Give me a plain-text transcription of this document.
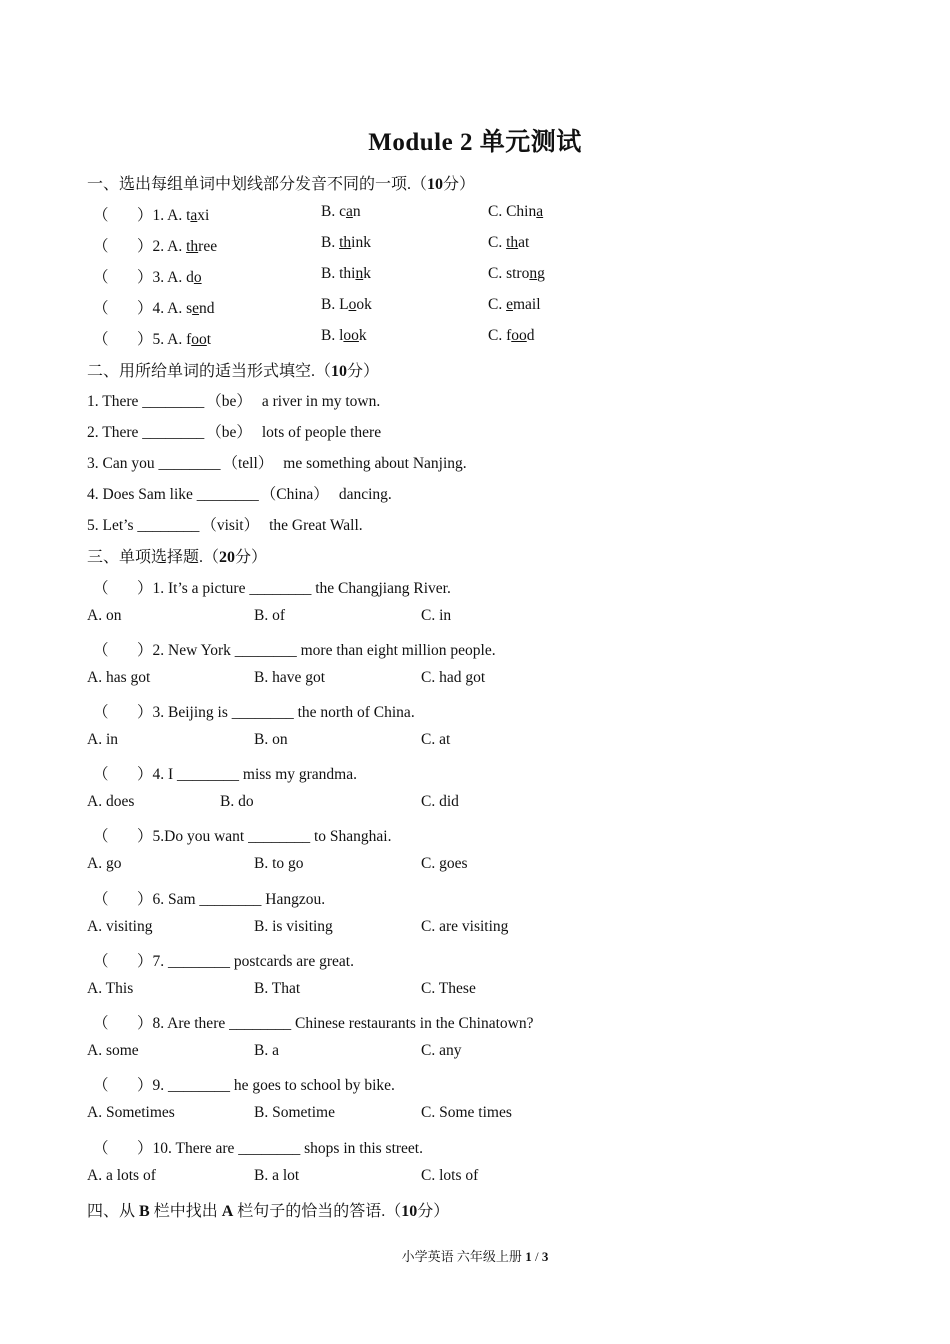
Module 2 单元测试
一、选出每组单词中划线部分发音不同的一项.（10分）
（ ）1. A. taxi	B. can	C. China
（ ）2. A. three	B. think	C. that
（ ）3. A. do	B. think	C. strong
（ ）4. A. send	B. Look	C. email
（ ）5. A. foot	B. look	C. food
二、用所给单词的适当形式填空.（10分）
1. There ________ （be） a river in my town.
2. There ________ （be） lots of people there
3. Can you ________ （tell） me something about Nanjing.
4. Does Sam like ________ （China） dancing.
5. Let’s ________ （visit） the Great Wall.
三、单项选择题.（20分）
（ ）1. It’s a picture ________ the Changjiang River.
A. on	B. of	C. in
（ ）2. New York ________ more than eight million people.
A. has got	B. have got	C. had got
（ ）3. Beijing is ________ the north of China.
A. in	B. on	C. at
（ ）4. I ________ miss my grandma.
A. does	B. do	C. did
（ ）5.Do you want ________ to Shanghai.
A. go	B. to go	C. goes
（ ）6. Sam ________ Hangzou.
A. visiting	B. is visiting	C. are visiting
（ ）7. ________ postcards are great.
A. This	B. That	C. These
（ ）8. Are there ________ Chinese restaurants in the Chinatown?
A. some	B. a	C. any
（ ）9. ________ he goes to school by bike.
A. Sometimes	B. Sometime	C. Some times
（ ）10. There are ________ shops in this street.
A. a lots of	B. a lot	C. lots of
四、从 B 栏中找出 A 栏句子的恰当的答语.（10分）
小学英语 六年级上册 1 / 3
